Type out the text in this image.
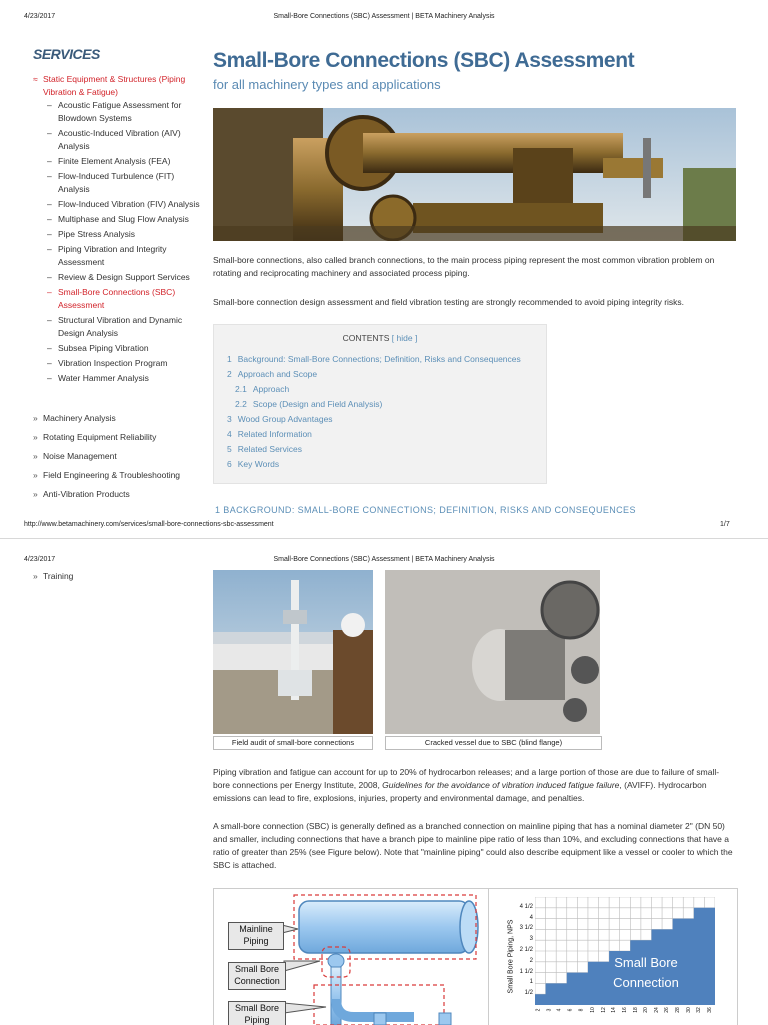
4/23/2017	Small-Bore Connections (SBC) Assessment | BETA Machinery Analysis
SERVICES
≈ Static Equipment & Structures (Piping Vibration & Fatigue)
– Acoustic Fatigue Assessment for Blowdown Systems
– Acoustic-Induced Vibration (AIV) Analysis
– Finite Element Analysis (FEA)
– Flow-Induced Turbulence (FIT) Analysis
– Flow-Induced Vibration (FIV) Analysis
– Multiphase and Slug Flow Analysis
– Pipe Stress Analysis
– Piping Vibration and Integrity Assessment
– Review & Design Support Services
– Small-Bore Connections (SBC) Assessment
– Structural Vibration and Dynamic Design Analysis
– Subsea Piping Vibration
– Vibration Inspection Program
– Water Hammer Analysis
» Machinery Analysis
» Rotating Equipment Reliability
» Noise Management
» Field Engineering & Troubleshooting
» Anti-Vibration Products
Small-Bore Connections (SBC) Assessment
for all machinery types and applications
Small-bore connections, also called branch connections, to the main process piping represent the most common vibration problem on rotating and reciprocating machinery and associated process piping.
Small-bore connection design assessment and field vibration testing are strongly recommended to avoid piping integrity risks.
CONTENTS [ hide ]
1 Background: Small-Bore Connections; Definition, Risks and Consequences
2 Approach and Scope
2.1 Approach
2.2 Scope (Design and Field Analysis)
3 Wood Group Advantages
4 Related Information
5 Related Services
6 Key Words
1 BACKGROUND: SMALL-BORE CONNECTIONS; DEFINITION, RISKS AND CONSEQUENCES
http://www.betamachinery.com/services/small-bore-connections-sbc-assessment	1/7
4/23/2017	Small-Bore Connections (SBC) Assessment | BETA Machinery Analysis
» Training
Field audit of small-bore connections	Cracked vessel due to SBC (blind flange)
Piping vibration and fatigue can account for up to 20% of hydrocarbon releases; and a large portion of those are due to failure of small-bore connections per Energy Institute, 2008, Guidelines for the avoidance of vibration induced fatigue failure, (AVIFF). Hydrocarbon emissions can lead to fire, explosions, injuries, property and environmental damage, and penalties.
A small-bore connection (SBC) is generally defined as a branched connection on mainline piping that has a nominal diameter 2" (DN 50) and smaller, including connections that have a branch pipe to mainline pipe ratio of less than 10%, and excluding connections that have a ratio of greater than 25% (see Figure below). Note that "mainline piping" could also describe equipment like a vessel or cooler to which the SBC is attached.
Mainline Piping
Small Bore Connection
Small Bore Piping
Small Bore Piping, NPS 1/2
1
1 1/2
2
2 1/2
3
3 1/2
4
4 1/2
Small Bore Connection
2 3 4 6 8 10 12 14 16 18 20 24 26 28 30 32 36
